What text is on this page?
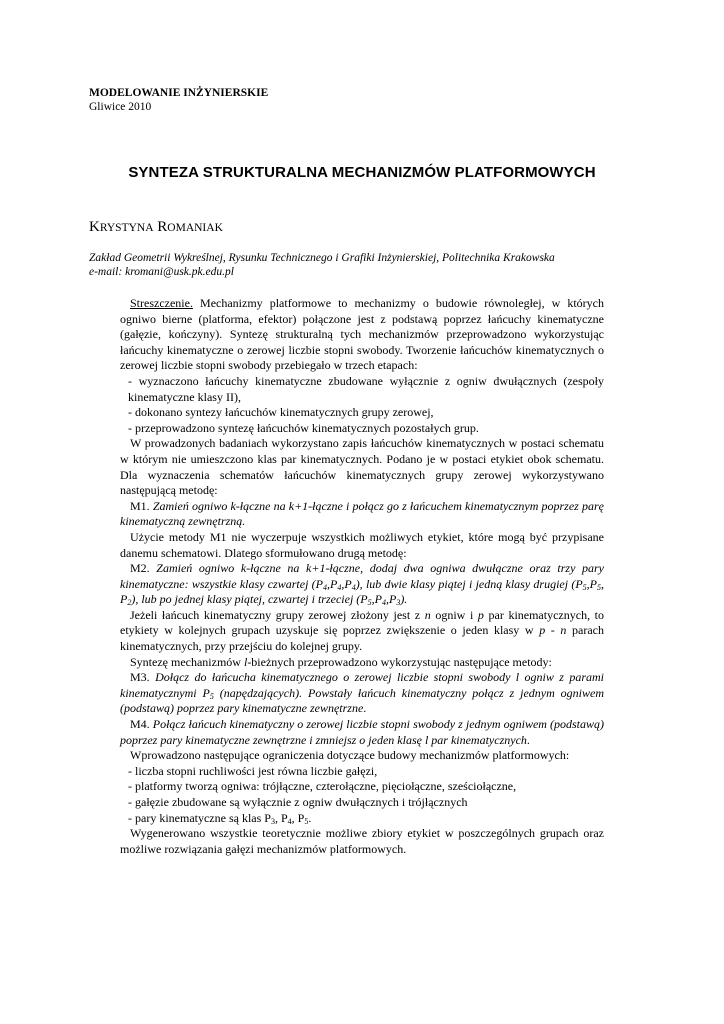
MODELOWANIE INŻYNIERSKIE
Gliwice 2010
SYNTEZA STRUKTURALNA MECHANIZMÓW PLATFORMOWYCH
KRYSTYNA ROMANIAK
Zakład Geometrii Wykreślnej, Rysunku Technicznego i Grafiki Inżynierskiej, Politechnika Krakowska
e-mail: kromani@usk.pk.edu.pl

Streszczenie. Mechanizmy platformowe to mechanizmy o budowie równoległej, w których ogniwo bierne (platforma, efektor) połączone jest z podstawą poprzez łańcuchy kinematyczne (gałęzie, kończyny). Syntezę strukturalną tych mechanizmów przeprowadzono wykorzystując łańcuchy kinematyczne o zerowej liczbie stopni swobody. Tworzenie łańcuchów kinematycznych o zerowej liczbie stopni swobody przebiegało w trzech etapach:

- wyznaczono łańcuchy kinematyczne zbudowane wyłącznie z ogniw dwułącznych (zespoły kinematyczne klasy II),

- dokonano syntezy łańcuchów kinematycznych grupy zerowej,

- przeprowadzono syntezę łańcuchów kinematycznych pozostałych grup.

W prowadzonych badaniach wykorzystano zapis łańcuchów kinematycznych w postaci schematu w którym nie umieszczono klas par kinematycznych. Podano je w postaci etykiet obok schematu. Dla wyznaczenia schematów łańcuchów kinematycznych grupy zerowej wykorzystywano następującą metodę:

M1. Zamień ogniwo k-łączne na k+1-łączne i połącz go z łańcuchem kinematycznym poprzez parę kinematyczną zewnętrzną.

Użycie metody M1 nie wyczerpuje wszystkich możliwych etykiet, które mogą być przypisane danemu schematowi. Dlatego sformułowano drugą metodę:

M2. Zamień ogniwo k-łączne na k+1-łączne, dodaj dwa ogniwa dwułączne oraz trzy pary kinematyczne: wszystkie klasy czwartej $(P_4,P_4,P_4)$, lub dwie klasy piątej i jedną klasy drugiej ($P_5,P_5$, $P_2$), lub po jednej klasy piątej, czwartej i trzeciej $(P_5,P_4,P_3)$.

Jeżeli łańcuch kinematyczny grupy zerowej złożony jest z n ogniw i p par kinematycznych, to etykiety w kolejnych grupach uzyskuje się poprzez zwiększenie o jeden klasy w p - n parach kinematycznych, przy przejściu do kolejnej grupy.

Syntezę mechanizmów l-bieżnych przeprowadzono wykorzystując następujące metody:

M3. Dołącz do łańcucha kinematycznego o zerowej liczbie stopni swobody l ogniw z parami kinematycznymi $P_5$ (napędzających). Powstały łańcuch kinematyczny połącz z jednym ogniwem (podstawą) poprzez pary kinematyczne zewnętrzne.

M4. Połącz łańcuch kinematyczny o zerowej liczbie stopni swobody z jednym ogniwem (podstawą) poprzez pary kinematyczne zewnętrzne i zmniejsz o jeden klasę l par kinematycznych.

Wprowadzono następujące ograniczenia dotyczące budowy mechanizmów platformowych:

- liczba stopni ruchliwości jest równa liczbie gałęzi,

- platformy tworzą ogniwa: trójłączne, czterołączne, pięciołączne, sześciołączne,

- gałęzie zbudowane są wyłącznie z ogniw dwułącznych i trójłącznych

- pary kinematyczne są klas $P_3$, $P_4$, $P_5$.

Wygenerowano wszystkie teoretycznie możliwe zbiory etykiet w poszczególnych grupach oraz możliwe rozwiązania gałęzi mechanizmów platformowych.
